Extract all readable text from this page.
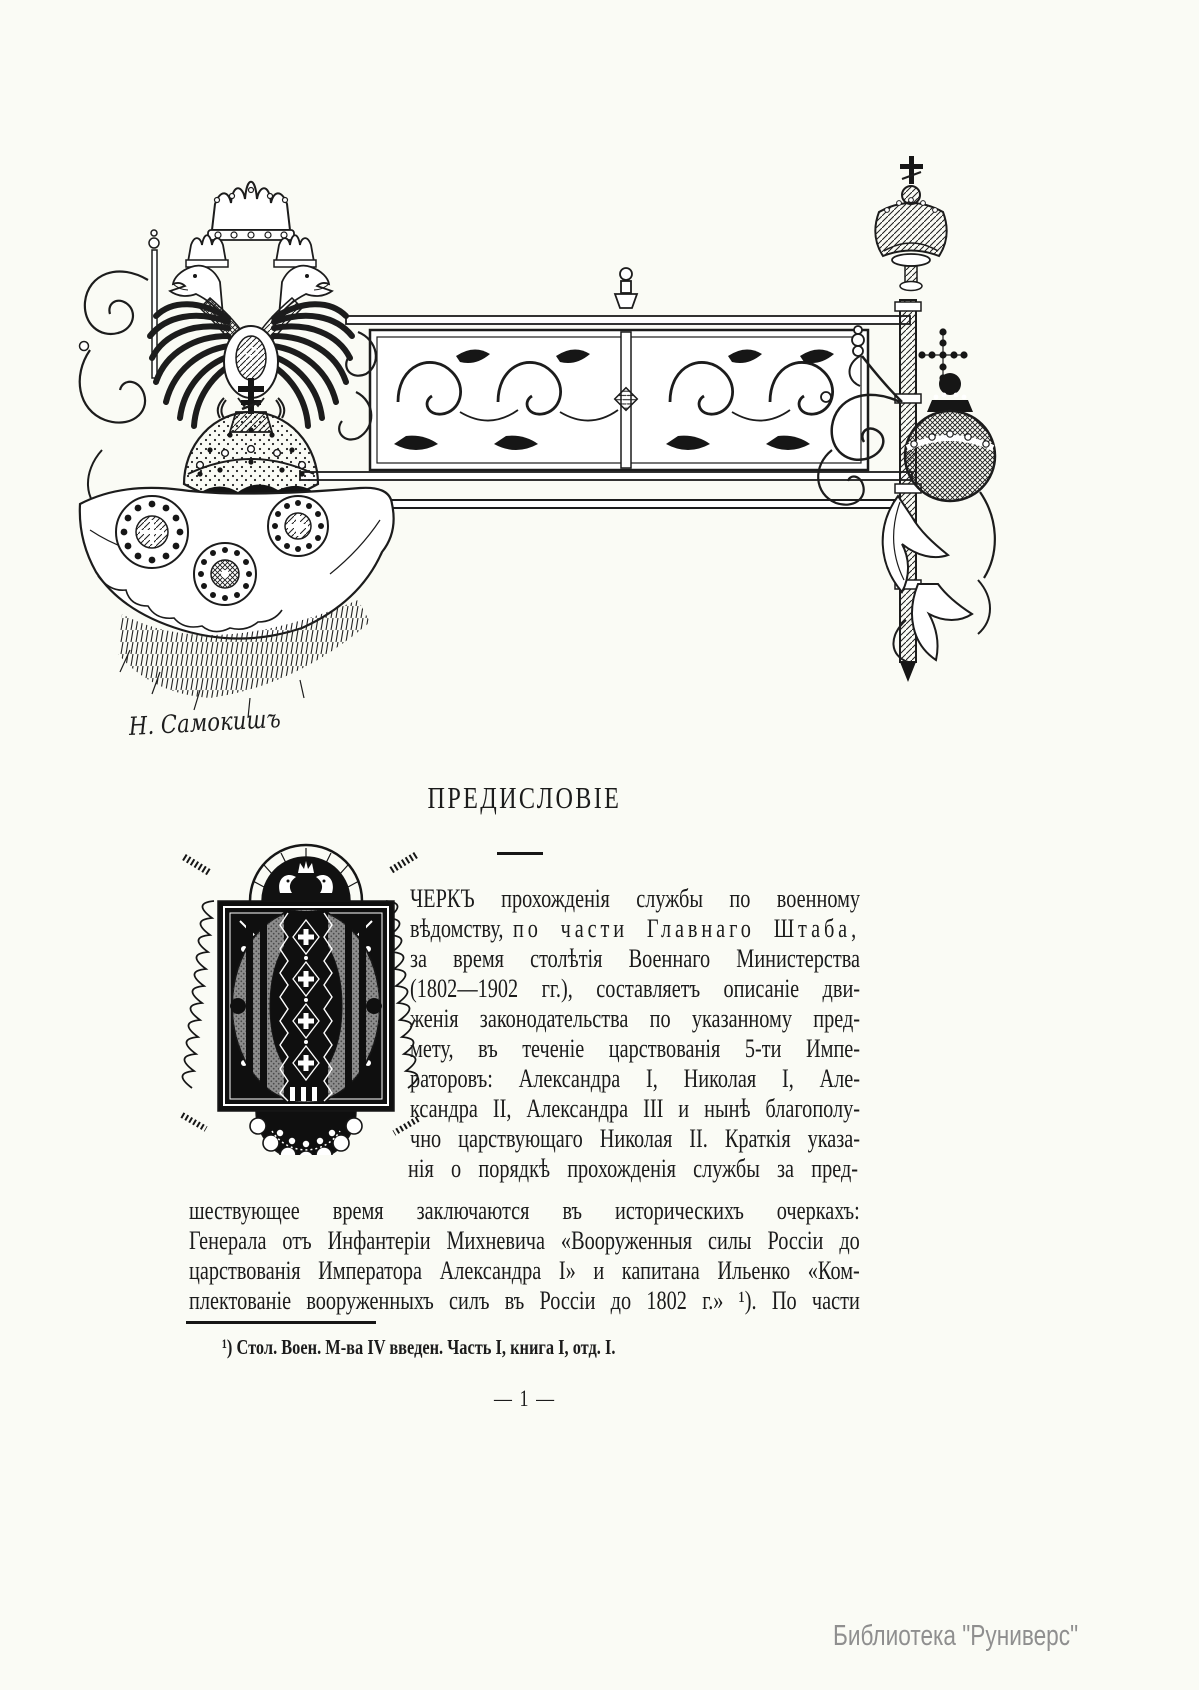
Н. Самокишъ
ПРЕДИСЛОВІЕ
ЧЕРКЪ прохожденія службы по военному
вѣдомству, по части Главнаго Штаба,
за время столѣтія Военнаго Министерства
(1802—1902 гг.), составляетъ описаніе дви-
женія законодательства по указанному пред-
мету, въ теченіе царствованія 5-ти Импе-
раторовъ: Александра I, Николая I, Але-
ксандра II, Александра III и нынѣ благополу-
чно царствующаго Николая II. Краткія указа-
нія о порядкѣ прохожденія службы за пред-
шествующее время заключаются въ историческихъ очеркахъ:
Генерала отъ Инфантеріи Михневича «Вооруженныя силы Россіи до
царствованія Императора Александра I» и капитана Ильенко «Ком-
плектованіе вооруженныхъ силъ въ Россіи до 1802 г.» ¹). По части
¹) Стол. Воен. М-ва IV введен. Часть I, книга I, отд. I.
— 1 —
Библиотека "Руниверс"
